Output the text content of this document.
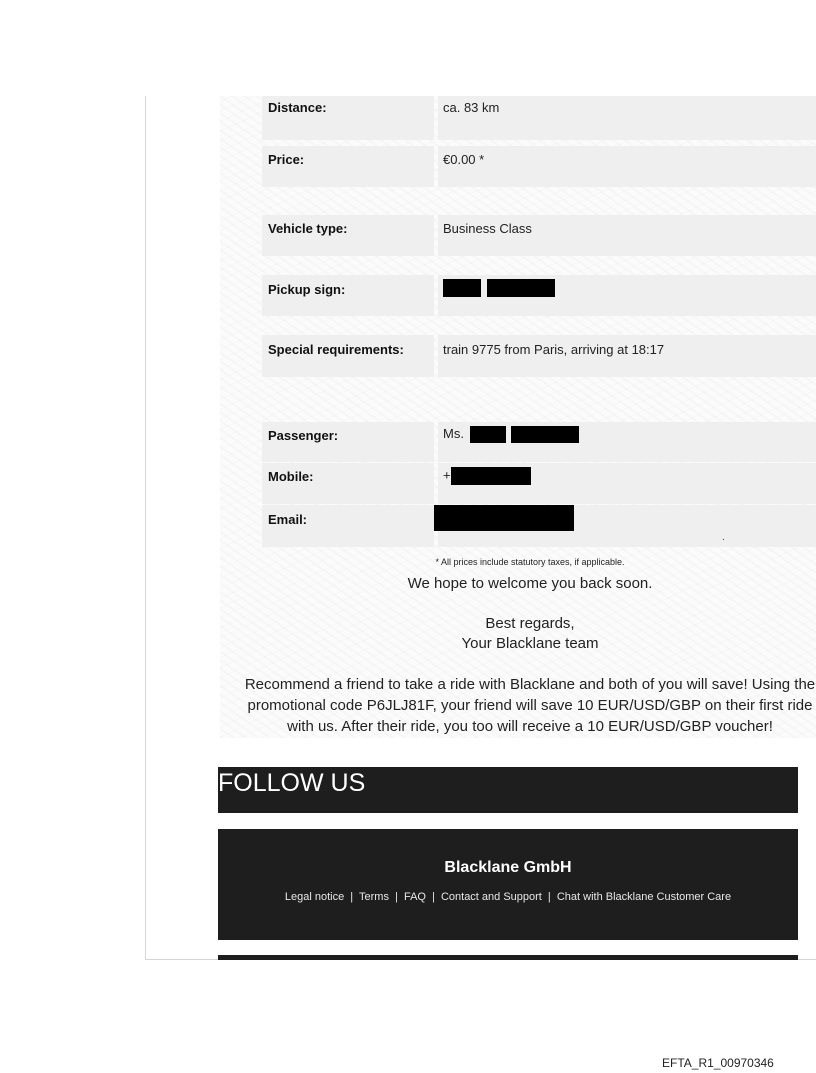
Distance:	ca. 83 km
Price:	€0.00 *
Vehicle type:	Business Class
Pickup sign:

Special requirements:	train 9775 from Paris, arriving at 18:17
Passenger:	Ms.
Mobile:	+
Email:
.
* All prices include statutory taxes, if applicable.
We hope to welcome you back soon.
Best regards,
Your Blacklane team
Recommend a friend to take a ride with Blacklane and both of you will save! Using the promotional code P6JLJ81F, your friend will save 10 EUR/USD/GBP on their first ride with us. After their ride, you too will receive a 10 EUR/USD/GBP voucher!
FOLLOW US
Blacklane GmbH
Legal notice | Terms | FAQ | Contact and Support | Chat with Blacklane Customer Care
EFTA_R1_00970346
